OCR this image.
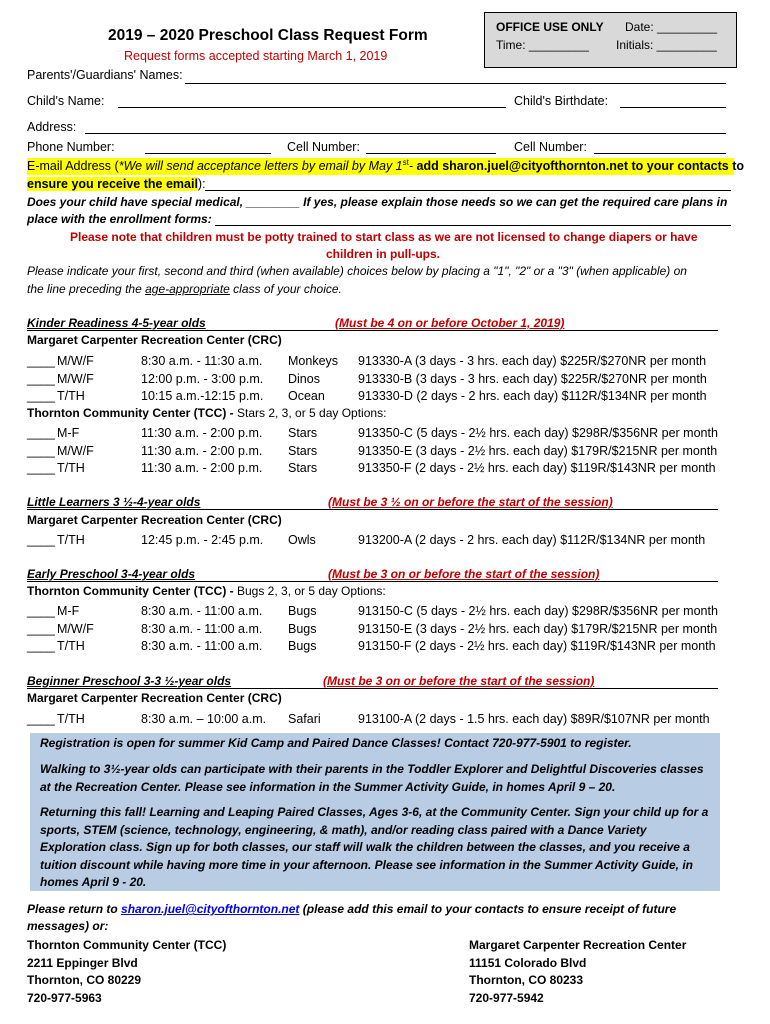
2019 – 2020 Preschool Class Request Form
Request forms accepted starting March 1, 2019
OFFICE USE ONLY
Time: _________
Date: _________
Initials: _________
Parents'/Guardians' Names:
Child's Name:	Child's Birthdate:
Address:
Phone Number:	Cell Number:	Cell Number:
E-mail Address (*We will send acceptance letters by email by May 1st- add sharon.juel@cityofthornton.net to your contacts to
ensure you receive the email):
Does your child have special medical, ________ If yes, please explain those needs so we can get the required care plans in
place with the enrollment forms:
Please note that children must be potty trained to start class as we are not licensed to change diapers or have
children in pull-ups.
Please indicate your first, second and third (when available) choices below by placing a "1", "2" or a "3" (when applicable) on
the line preceding the age-appropriate class of your choice.
Kinder Readiness 4-5-year olds	(Must be 4 on or before October 1, 2019)
Margaret Carpenter Recreation Center (CRC)
____ M/W/F	8:30 a.m. - 11:30 a.m. Monkeys 913330-A (3 days - 3 hrs. each day) $225R/$270NR per month
____ M/W/F	12:00 p.m. - 3:00 p.m. Dinos	913330-B (3 days - 3 hrs. each day) $225R/$270NR per month
____ T/TH	10:15 a.m.-12:15 p.m. Ocean	913330-D (2 days - 2 hrs. each day) $112R/$134NR per month
Thornton Community Center (TCC) - Stars 2, 3, or 5 day Options:
____ M-F	11:30 a.m. - 2:00 p.m. Stars	913350-C (5 days - 2½ hrs. each day) $298R/$356NR per month
____ M/W/F	11:30 a.m. - 2:00 p.m. Stars	913350-E (3 days - 2½ hrs. each day) $179R/$215NR per month
____ T/TH	11:30 a.m. - 2:00 p.m. Stars	913350-F (2 days - 2½ hrs. each day) $119R/$143NR per month
Little Learners 3 ½-4-year olds	(Must be 3 ½ on or before the start of the session)
Margaret Carpenter Recreation Center (CRC)
____ T/TH	12:45 p.m. - 2:45 p.m. Owls	913200-A (2 days - 2 hrs. each day) $112R/$134NR per month
Early Preschool 3-4-year olds	(Must be 3 on or before the start of the session)
Thornton Community Center (TCC) - Bugs 2, 3, or 5 day Options:
____ M-F	8:30 a.m. - 11:00 a.m. Bugs	913150-C (5 days - 2½ hrs. each day) $298R/$356NR per month
____ M/W/F	8:30 a.m. - 11:00 a.m. Bugs	913150-E (3 days - 2½ hrs. each day) $179R/$215NR per month
____ T/TH	8:30 a.m. - 11:00 a.m. Bugs	913150-F (2 days - 2½ hrs. each day) $119R/$143NR per month
Beginner Preschool 3-3 ½-year olds	(Must be 3 on or before the start of the session)
Margaret Carpenter Recreation Center (CRC)
____ T/TH	8:30 a.m. – 10:00 a.m. Safari	913100-A (2 days - 1.5 hrs. each day) $89R/$107NR per month
Registration is open for summer Kid Camp and Paired Dance Classes! Contact 720-977-5901 to register.
Walking to 3½-year olds can participate with their parents in the Toddler Explorer and Delightful Discoveries classes at the Recreation Center. Please see information in the Summer Activity Guide, in homes April 9 – 20.
Returning this fall! Learning and Leaping Paired Classes, Ages 3-6, at the Community Center. Sign your child up for a sports, STEM (science, technology, engineering, & math), and/or reading class paired with a Dance Variety Exploration class. Sign up for both classes, our staff will walk the children between the classes, and you receive a tuition discount while having more time in your afternoon. Please see information in the Summer Activity Guide, in homes April 9 - 20.
Please return to sharon.juel@cityofthornton.net (please add this email to your contacts to ensure receipt of future
messages) or:
Thornton Community Center (TCC)
2211 Eppinger Blvd
Thornton, CO 80229
720-977-5963
Margaret Carpenter Recreation Center
11151 Colorado Blvd
Thornton, CO 80233
720-977-5942
